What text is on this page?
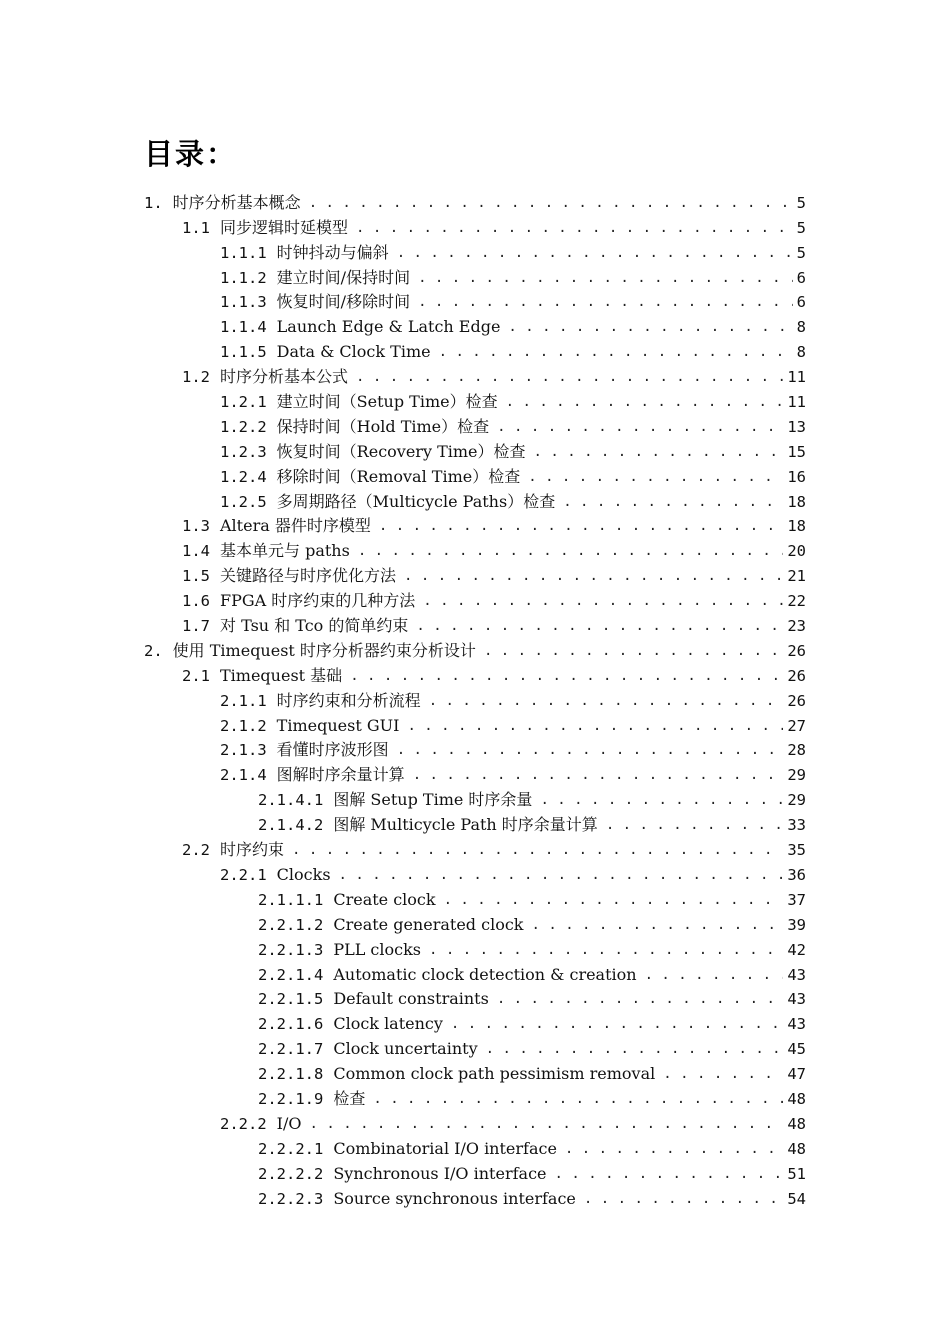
目录：
1. 时序分析基本概念 . . .	5
1.1 同步逻辑时延模型 . . .	5
1.1.1 时钟抖动与偏斜 . . .	5
1.1.2 建立时间/保持时间 . . .	6
1.1.3 恢复时间/移除时间 . . .	6
1.1.4 Launch Edge & Latch Edge . . .	8
1.1.5 Data & Clock Time . . .	8
1.2 时序分析基本公式 . . .	11
1.2.1 建立时间（Setup Time）检查 . . .	11
1.2.2 保持时间（Hold Time）检查 . . .	13
1.2.3 恢复时间（Recovery Time）检查 . . .	15
1.2.4 移除时间（Removal Time）检查 . . .	16
1.2.5 多周期路径（Multicycle Paths）检查 . . .	18
1.3 Altera 器件时序模型 . . .	18
1.4 基本单元与 paths . . .	20
1.5 关键路径与时序优化方法 . . .	21
1.6 FPGA 时序约束的几种方法 . . .	22
1.7 对 Tsu 和 Tco 的简单约束 . . .	23
2. 使用 Timequest 时序分析器约束分析设计 . . .	26
2.1 Timequest 基础 . . .	26
2.1.1 时序约束和分析流程 . . .	26
2.1.2 Timequest GUI . . .	27
2.1.3 看懂时序波形图 . . .	28
2.1.4 图解时序余量计算 . . .	29
2.1.4.1 图解 Setup Time 时序余量 . . .	29
2.1.4.2 图解 Multicycle Path 时序余量计算 . . .	33
2.2 时序约束 . . .	35
2.2.1 Clocks . . .	36
2.1.1.1 Create clock . . .	37
2.2.1.2 Create generated clock . . .	39
2.2.1.3 PLL clocks . . .	42
2.2.1.4 Automatic clock detection & creation . . .	43
2.2.1.5 Default constraints . . .	43
2.2.1.6 Clock latency . . .	43
2.2.1.7 Clock uncertainty . . .	45
2.2.1.8 Common clock path pessimism removal . . .	47
2.2.1.9 检查 . . .	48
2.2.2 I/O . . .	48
2.2.2.1 Combinatorial I/O interface . . .	48
2.2.2.2 Synchronous I/O interface . . .	51
2.2.2.3 Source synchronous interface . . .	54
